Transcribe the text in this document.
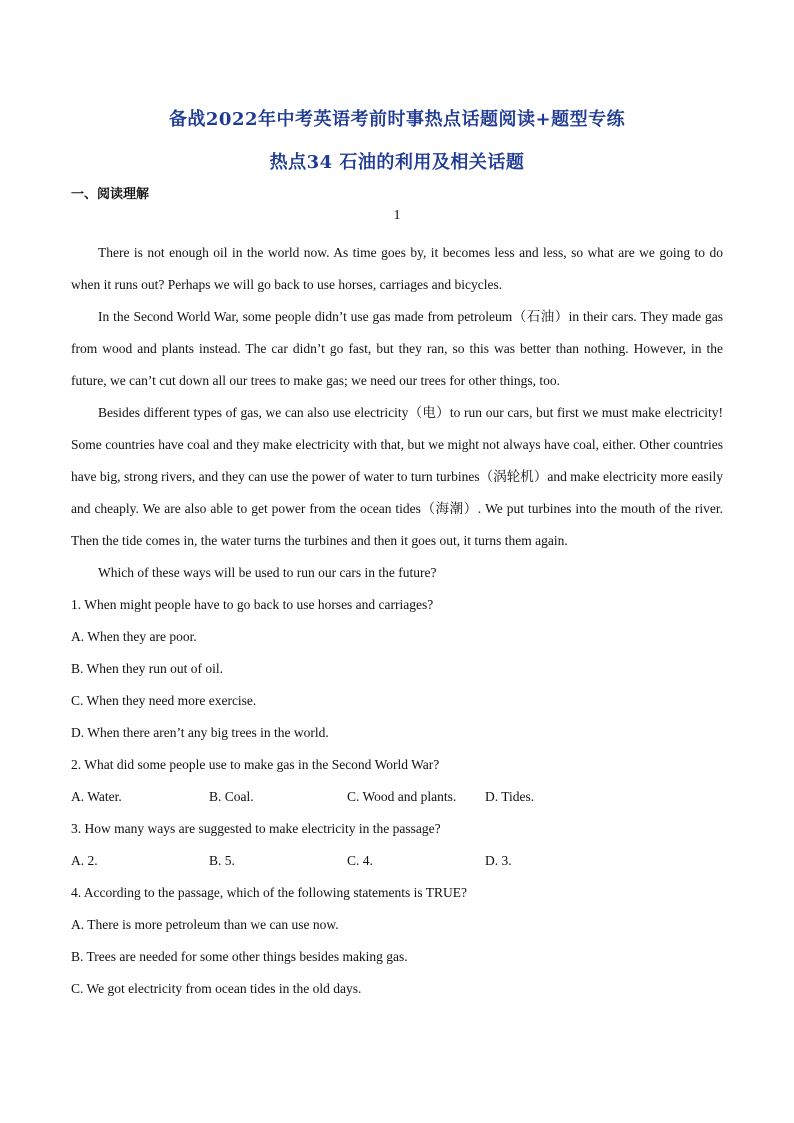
备战2022年中考英语考前时事热点话题阅读+题型专练
热点34 石油的利用及相关话题
一、阅读理解
1

There is not enough oil in the world now. As time goes by, it becomes less and less, so what are we going to do when it runs out? Perhaps we will go back to use horses, carriages and bicycles.

In the Second World War, some people didn’t use gas made from petroleum（石油）in their cars. They made gas from wood and plants instead. The car didn’t go fast, but they ran, so this was better than nothing. However, in the future, we can’t cut down all our trees to make gas; we need our trees for other things, too.

Besides different types of gas, we can also use electricity（电）to run our cars, but first we must make electricity! Some countries have coal and they make electricity with that, but we might not always have coal, either. Other countries have big, strong rivers, and they can use the power of water to turn turbines（涡轮机）and make electricity more easily and cheaply. We are also able to get power from the ocean tides（海潮）. We put turbines into the mouth of the river. Then the tide comes in, the water turns the turbines and then it goes out, it turns them again.

Which of these ways will be used to run our cars in the future?

1. When might people have to go back to use horses and carriages?

A. When they are poor.

B. When they run out of oil.

C. When they need more exercise.

D. When there aren’t any big trees in the world.

2. What did some people use to make gas in the Second World War?

A. Water.	B. Coal.	C. Wood and plants.	D. Tides.

3. How many ways are suggested to make electricity in the passage?

A. 2.	B. 5.	C. 4.	D. 3.

4. According to the passage, which of the following statements is TRUE?

A. There is more petroleum than we can use now.

B. Trees are needed for some other things besides making gas.

C. We got electricity from ocean tides in the old days.
